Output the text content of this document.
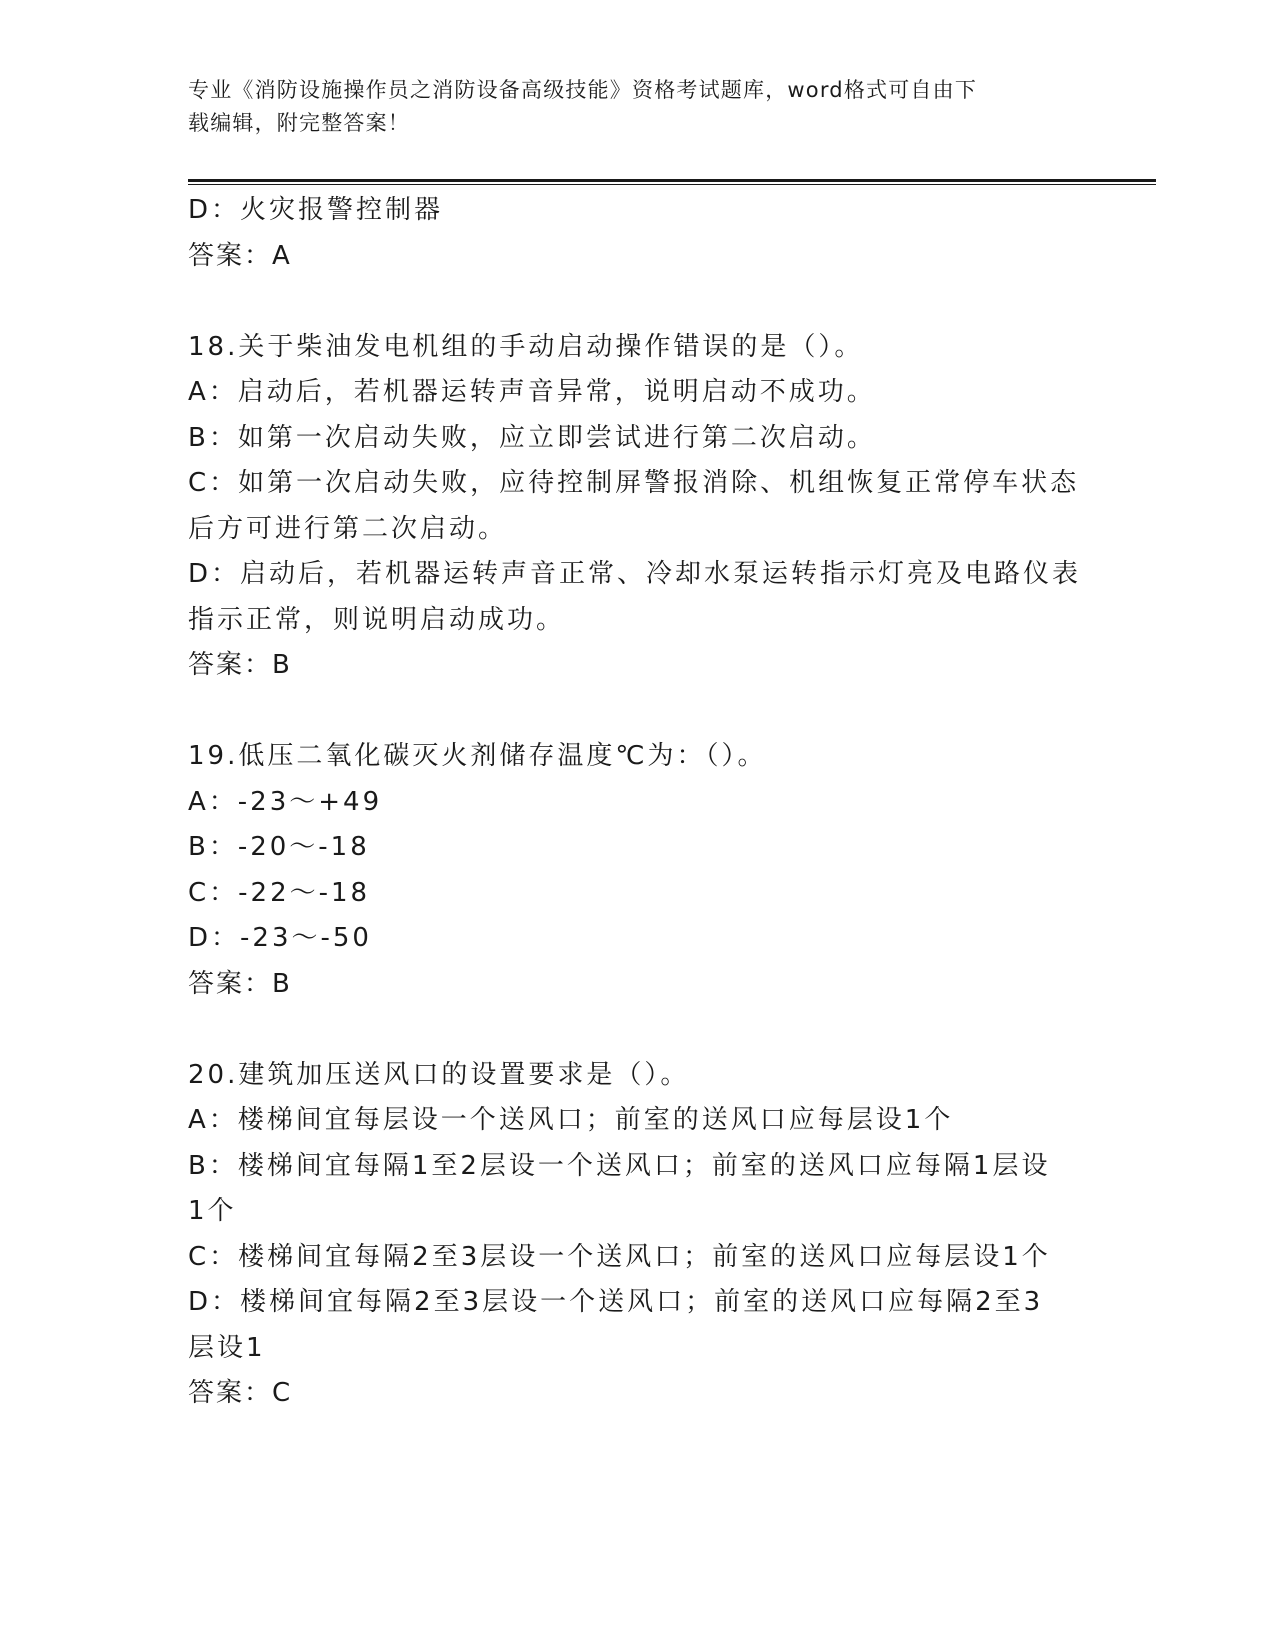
专业《消防设施操作员之消防设备高级技能》资格考试题库，word格式可自由下
载编辑，附完整答案！
D：火灾报警控制器
答案：A
18.关于柴油发电机组的手动启动操作错误的是（）。
A：启动后，若机器运转声音异常，说明启动不成功。
B：如第一次启动失败，应立即尝试进行第二次启动。
C：如第一次启动失败，应待控制屏警报消除、机组恢复正常停车状态
后方可进行第二次启动。
D：启动后，若机器运转声音正常、冷却水泵运转指示灯亮及电路仪表
指示正常，则说明启动成功。
答案：B
19.低压二氧化碳灭火剂储存温度℃为：（）。
A：-23～+49
B：-20～-18
C：-22～-18
D：-23～-50
答案：B
20.建筑加压送风口的设置要求是（）。
A：楼梯间宜每层设一个送风口；前室的送风口应每层设1个
B：楼梯间宜每隔1至2层设一个送风口；前室的送风口应每隔1层设
1个
C：楼梯间宜每隔2至3层设一个送风口；前室的送风口应每层设1个
D：楼梯间宜每隔2至3层设一个送风口；前室的送风口应每隔2至3
层设1
答案：C
